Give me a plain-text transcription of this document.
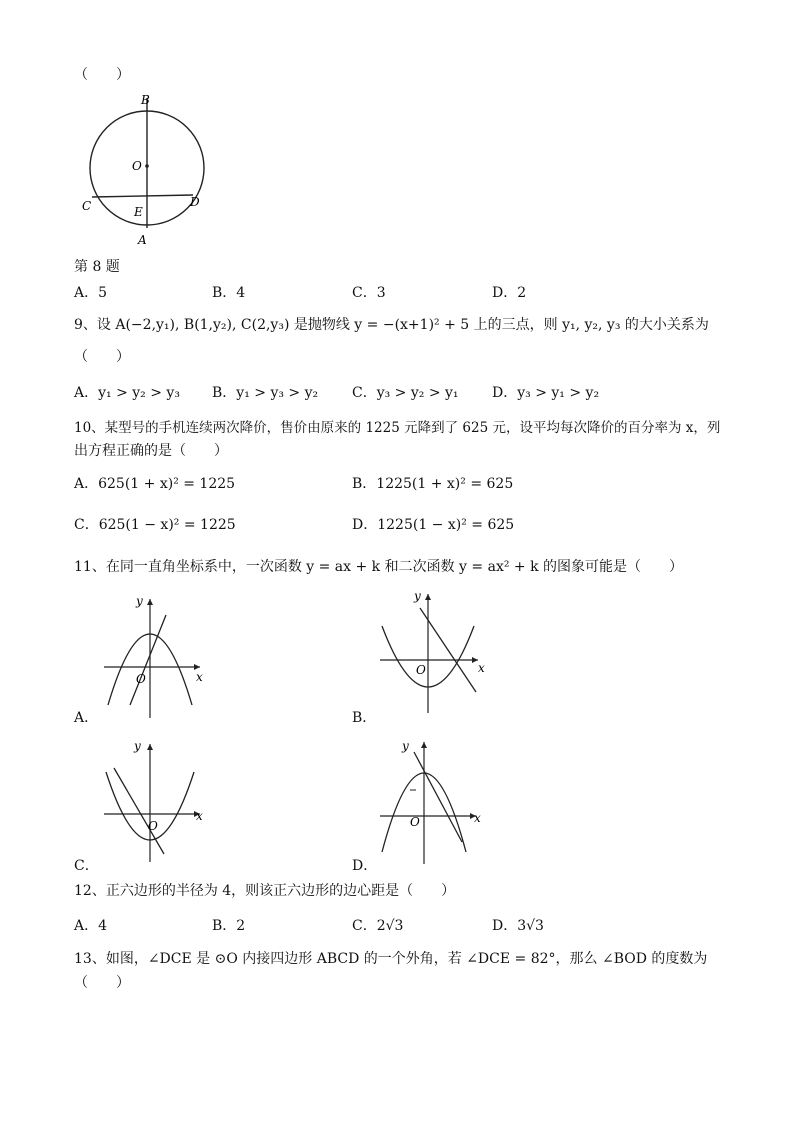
（　　）
B
O
C	E
D
A
第 8 题
A．5	B．4	C．3	D．2
9、设 A(−2,y₁), B(1,y₂), C(2,y₃) 是抛物线 y = −(x+1)² + 5 上的三点，则 y₁, y₂, y₃ 的大小关系为
（　　）
A．y₁ > y₂ > y₃ B．y₁ > y₃ > y₂ C．y₃ > y₂ > y₁ D．y₃ > y₁ > y₂
10、某型号的手机连续两次降价，售价由原来的 1225 元降到了 625 元，设平均每次降价的百分率为 x，列
出方程正确的是（　　）
A．625(1 + x)² = 1225	B．1225(1 + x)² = 625
C．625(1 − x)² = 1225	D．1225(1 − x)² = 625
11、在同一直角坐标系中，一次函数 y = ax + k 和二次函数 y = ax² + k 的图象可能是（　　）
y
x
O
A．
y
x
O
B．
y
x
O
C．
y
x
O
D．
12、正六边形的半径为 4，则该正六边形的边心距是（　　）
A．4	B．2	C．2√3	D．3√3
13、如图，∠DCE 是 ⊙O 内接四边形 ABCD 的一个外角，若 ∠DCE = 82°，那么 ∠BOD 的度数为
（　　）
